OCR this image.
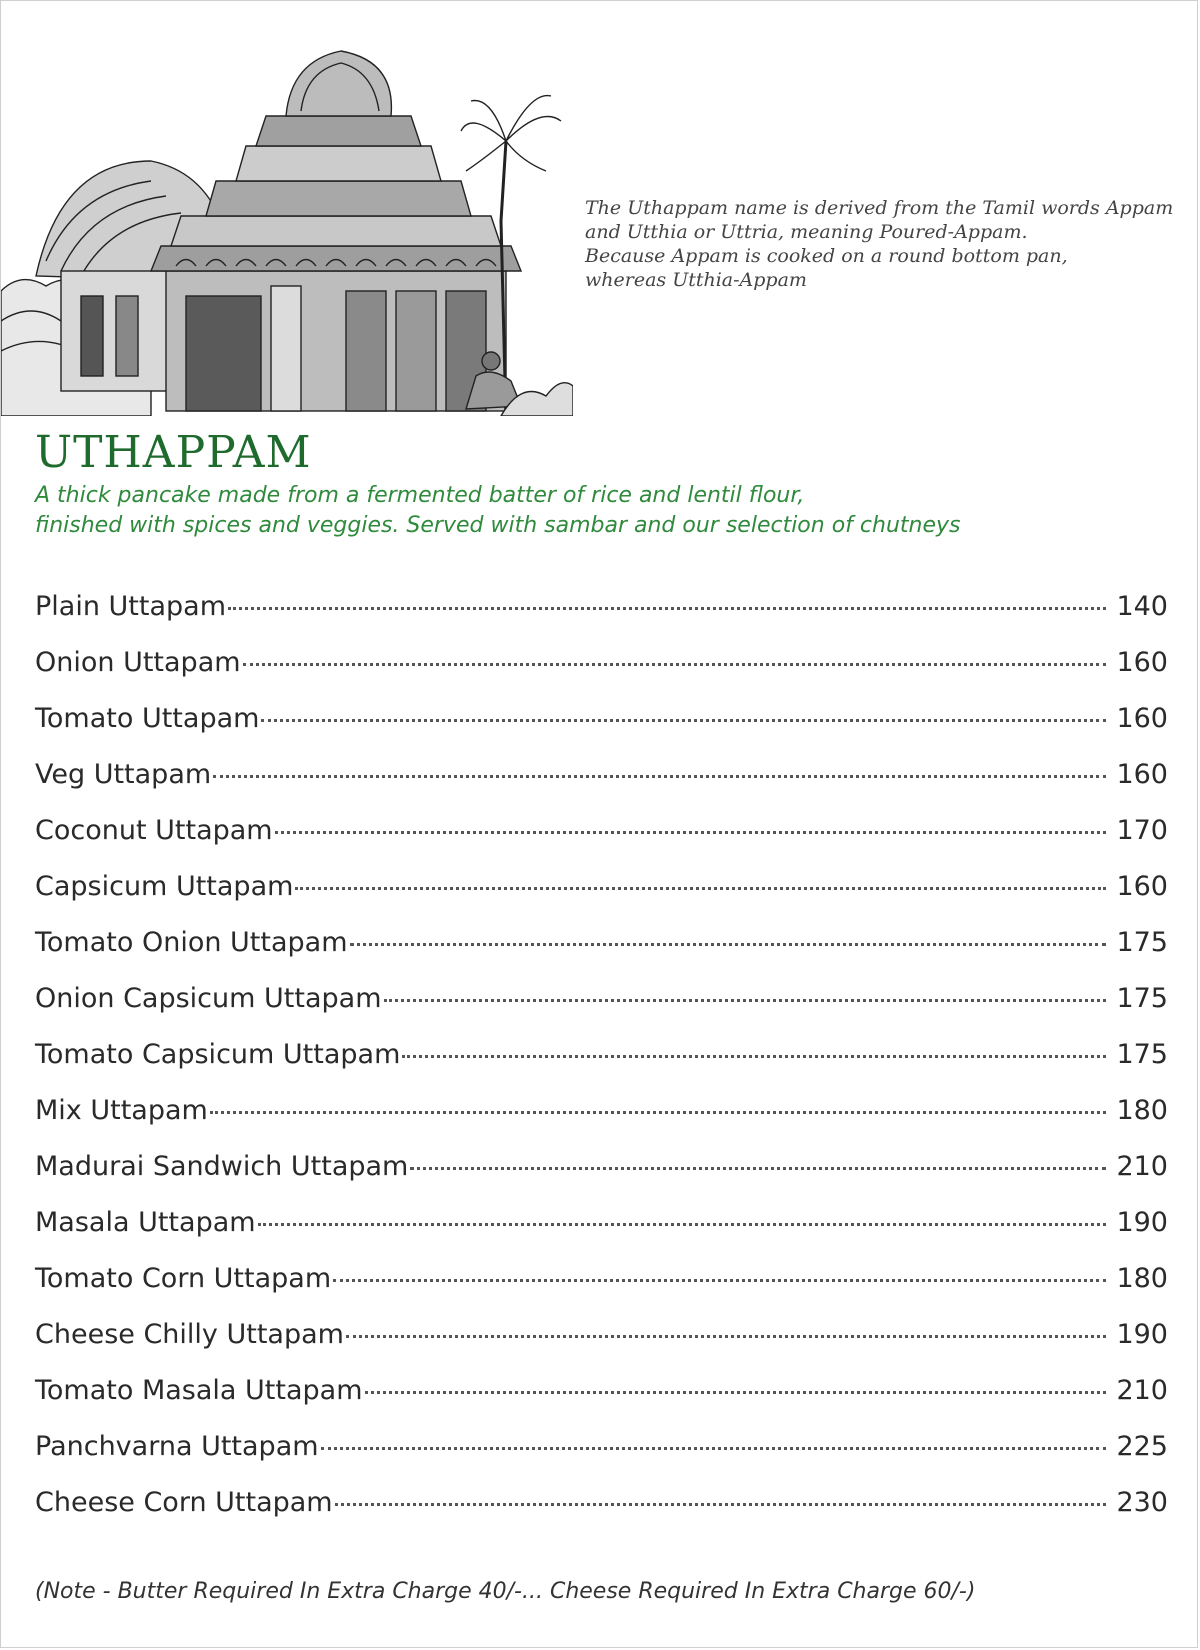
The Uthappam name is derived from the Tamil words Appam
and Utthia or Uttria, meaning Poured-Appam.
Because Appam is cooked on a round bottom pan,
whereas Utthia-Appam
UTHAPPAM
A thick pancake made from a fermented batter of rice and lentil flour,
finished with spices and veggies. Served with sambar and our selection of chutneys
Plain Uttapam	140
Onion Uttapam	160
Tomato Uttapam	160
Veg Uttapam	160
Coconut Uttapam	170
Capsicum Uttapam	160
Tomato Onion Uttapam	175
Onion Capsicum Uttapam	175
Tomato Capsicum Uttapam	175
Mix Uttapam	180
Madurai Sandwich Uttapam	210
Masala Uttapam	190
Tomato Corn Uttapam	180
Cheese Chilly Uttapam	190
Tomato Masala Uttapam	210
Panchvarna Uttapam	225
Cheese Corn Uttapam	230
(Note - Butter Required In Extra Charge 40/-... Cheese Required In Extra Charge 60/-)
